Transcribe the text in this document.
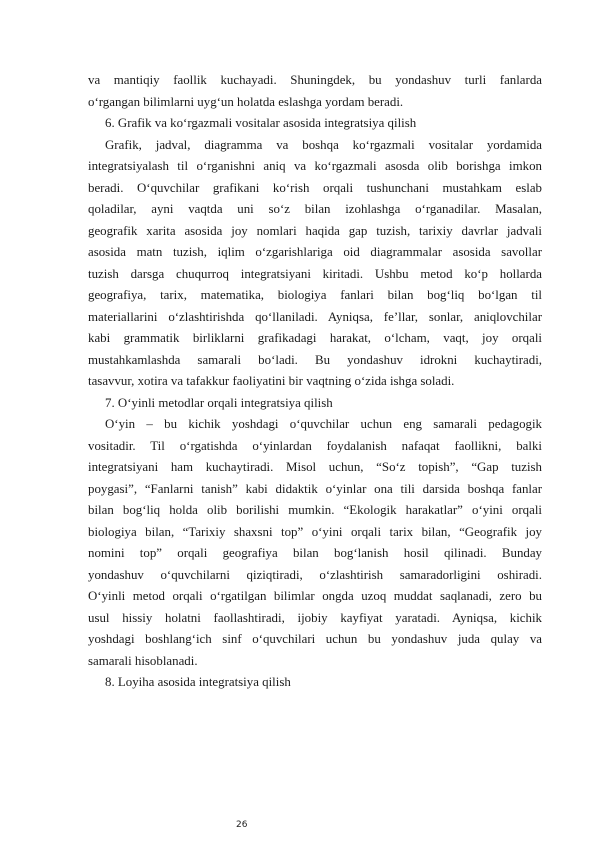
va mantiqiy faollik kuchayadi. Shuningdek, bu yondashuv turli fanlarda
o‘rgangan bilimlarni uyg‘un holatda eslashga yordam beradi.
6. Grafik va ko‘rgazmali vositalar asosida integratsiya qilish
Grafik, jadval, diagramma va boshqa ko‘rgazmali vositalar yordamida
integratsiyalash til o‘rganishni aniq va ko‘rgazmali asosda olib borishga imkon
beradi. O‘quvchilar grafikani ko‘rish orqali tushunchani mustahkam eslab
qoladilar, ayni vaqtda uni so‘z bilan izohlashga o‘rganadilar. Masalan,
geografik xarita asosida joy nomlari haqida gap tuzish, tarixiy davrlar jadvali
asosida matn tuzish, iqlim o‘zgarishlariga oid diagrammalar asosida savollar
tuzish darsga chuqurroq integratsiyani kiritadi. Ushbu metod ko‘p hollarda
geografiya, tarix, matematika, biologiya fanlari bilan bog‘liq bo‘lgan til
materiallarini o‘zlashtirishda qo‘llaniladi. Ayniqsa, fe’llar, sonlar, aniqlovchilar
kabi grammatik birliklarni grafikadagi harakat, o‘lcham, vaqt, joy orqali
mustahkamlashda samarali bo‘ladi. Bu yondashuv idrokni kuchaytiradi,
tasavvur, xotira va tafakkur faoliyatini bir vaqtning o‘zida ishga soladi.
7. O‘yinli metodlar orqali integratsiya qilish
O‘yin – bu kichik yoshdagi o‘quvchilar uchun eng samarali pedagogik
vositadir. Til o‘rgatishda o‘yinlardan foydalanish nafaqat faollikni, balki
integratsiyani ham kuchaytiradi. Misol uchun, “So‘z topish”, “Gap tuzish
poygasi”, “Fanlarni tanish” kabi didaktik o‘yinlar ona tili darsida boshqa fanlar
bilan bog‘liq holda olib borilishi mumkin. “Ekologik harakatlar” o‘yini orqali
biologiya bilan, “Tarixiy shaxsni top” o‘yini orqali tarix bilan, “Geografik joy
nomini top” orqali geografiya bilan bog‘lanish hosil qilinadi. Bunday
yondashuv o‘quvchilarni qiziqtiradi, o‘zlashtirish samaradorligini oshiradi.
O‘yinli metod orqali o‘rgatilgan bilimlar ongda uzoq muddat saqlanadi, zero bu
usul hissiy holatni faollashtiradi, ijobiy kayfiyat yaratadi. Ayniqsa, kichik
yoshdagi boshlang‘ich sinf o‘quvchilari uchun bu yondashuv juda qulay va
samarali hisoblanadi.
8. Loyiha asosida integratsiya qilish
26
